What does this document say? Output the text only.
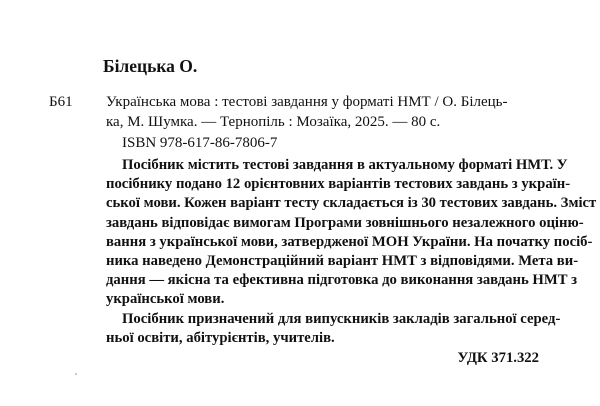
Білецька О.
Б61 Українська мова : тестові завдання у форматі НМТ / О. Білець-
ка, М. Шумка. — Тернопіль : Мозаїка, 2025. — 80 с.
ISBN 978-617-86-7806-7
Посібник містить тестові завдання в актуальному форматі НМТ. У
посібнику подано 12 орієнтовних варіантів тестових завдань з україн-
ської мови. Кожен варіант тесту складається із 30 тестових завдань. Зміст
завдань відповідає вимогам Програми зовнішнього незалежного оціню-
вання з української мови, затвердженої МОН України. На початку посіб-
ника наведено Демонстраційний варіант НМТ з відповідями. Мета ви-
дання — якісна та ефективна підготовка до виконання завдань НМТ з
української мови.
Посібник призначений для випускників закладів загальної серед-
ньої освіти, абітурієнтів, учителів.
УДК 371.322
